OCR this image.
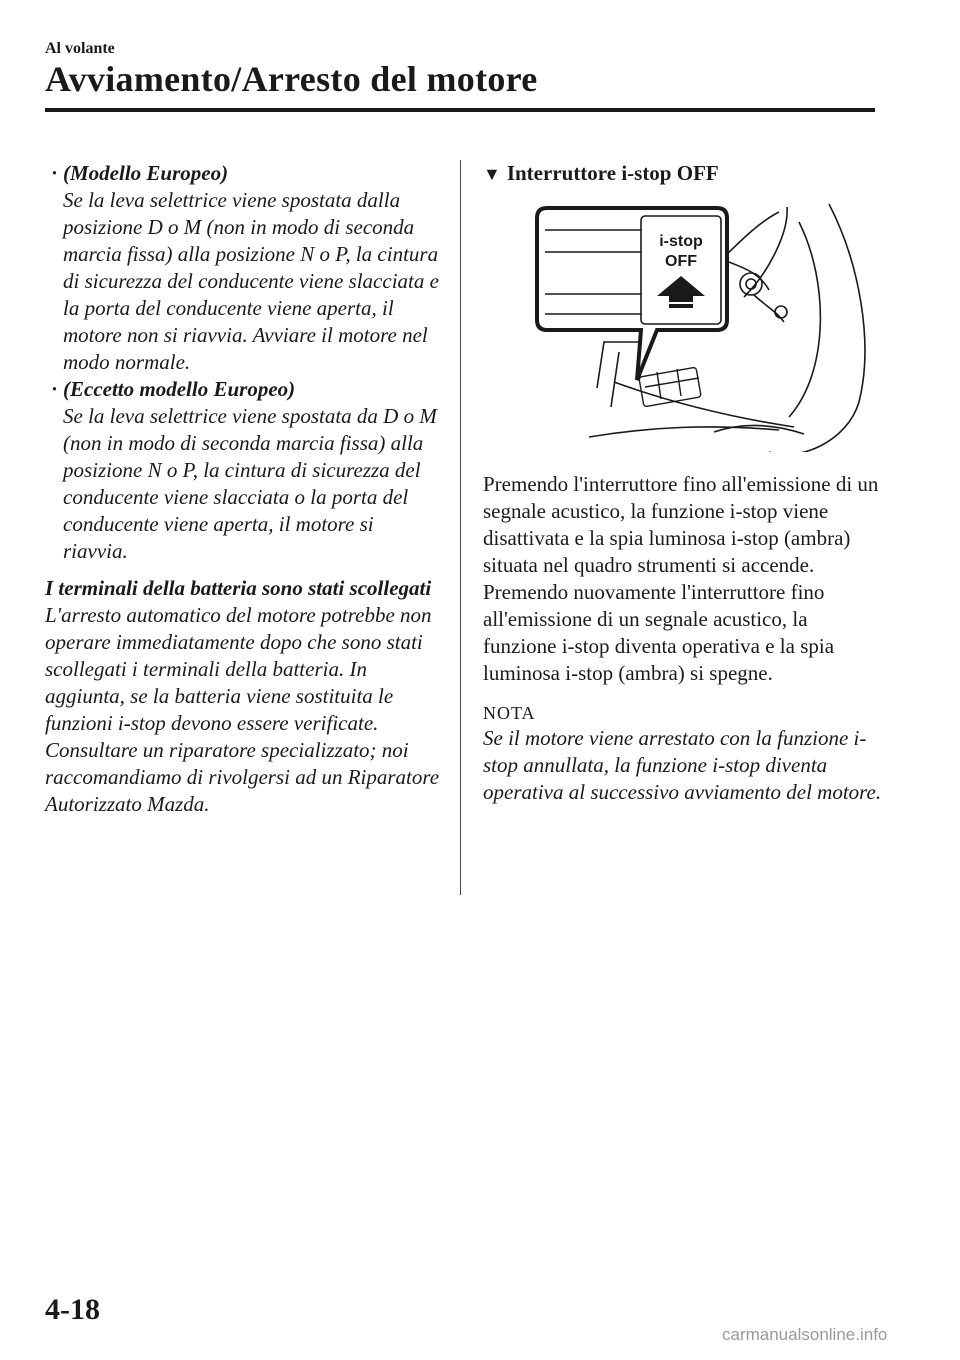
Al volante
Avviamento/Arresto del motore
· (Modello Europeo)
Se la leva selettrice viene spostata dalla posizione D o M (non in modo di seconda marcia fissa) alla posizione N o P, la cintura di sicurezza del conducente viene slacciata e la porta del conducente viene aperta, il motore non si riavvia. Avviare il motore nel modo normale.
· (Eccetto modello Europeo)
Se la leva selettrice viene spostata da D o M (non in modo di seconda marcia fissa) alla posizione N o P, la cintura di sicurezza del conducente viene slacciata o la porta del conducente viene aperta, il motore si riavvia.

I terminali della batteria sono stati scollegati

L'arresto automatico del motore potrebbe non operare immediatamente dopo che sono stati scollegati i terminali della batteria. In aggiunta, se la batteria viene sostituita le funzioni i-stop devono essere verificate. Consultare un riparatore specializzato; noi raccomandiamo di rivolgersi ad un Riparatore Autorizzato Mazda.

▼ Interruttore i-stop OFF

i-stop
OFF

Premendo l'interruttore fino all'emissione di un segnale acustico, la funzione i-stop viene disattivata e la spia luminosa i-stop (ambra) situata nel quadro strumenti si accende. Premendo nuovamente l'interruttore fino all'emissione di un segnale acustico, la funzione i-stop diventa operativa e la spia luminosa i-stop (ambra) si spegne.

NOTA

Se il motore viene arrestato con la funzione i-stop annullata, la funzione i-stop diventa operativa al successivo avviamento del motore.

4-18
carmanualsonline.info
